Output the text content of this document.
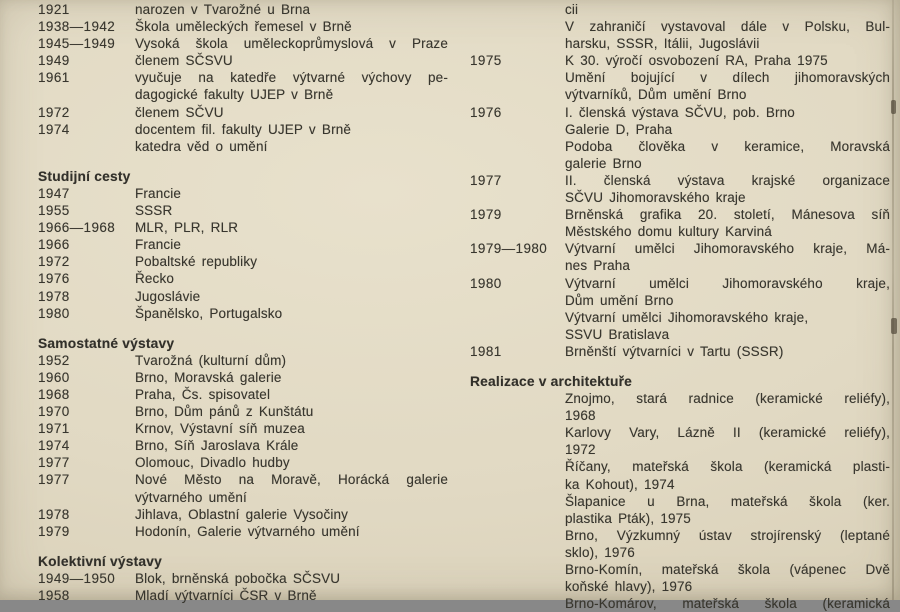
1921	narozen v Tvarožné u Brna
1938—1942	Škola uměleckých řemesel v Brně
1945—1949	Vysoká škola uměleckoprůmyslová v Praze
1949	členem SČSVU
1961	vyučuje na katedře výtvarné výchovy pe-
dagogické fakulty UJEP v Brně
1972	členem SČVU
1974	docentem fil. fakulty UJEP v Brně
katedra věd o umění
Studijní cesty
1947	Francie
1955	SSSR
1966—1968	MLR, PLR, RLR
1966	Francie
1972	Pobaltské republiky
1976	Řecko
1978	Jugoslávie
1980	Španělsko, Portugalsko
Samostatné výstavy
1952	Tvarožná (kulturní dům)
1960	Brno, Moravská galerie
1968	Praha, Čs. spisovatel
1970	Brno, Dům pánů z Kunštátu
1971	Krnov, Výstavní síň muzea
1974	Brno, Síň Jaroslava Krále
1977	Olomouc, Divadlo hudby
1977	Nové Město na Moravě, Horácká galerie
výtvarného umění
1978	Jihlava, Oblastní galerie Vysočiny
1979	Hodonín, Galerie výtvarného umění
Kolektivní výstavy
1949—1950	Blok, brněnská pobočka SČSVU
1958	Mladí výtvarníci ČSR v Brně
cii
V zahraničí vystavoval dále v Polsku, Bul-
harsku, SSSR, Itálii, Jugoslávii
1975	K 30. výročí osvobození RA, Praha 1975
Umění bojující v dílech jihomoravských
výtvarníků, Dům umění Brno
1976	I. členská výstava SČVU, pob. Brno
Galerie D, Praha
Podoba člověka v keramice, Moravská
galerie Brno
1977	II. členská výstava krajské organizace
SČVU Jihomoravského kraje
1979	Brněnská grafika 20. století, Mánesova síň
Městského domu kultury Karviná
1979—1980	Výtvarní umělci Jihomoravského kraje, Má-
nes Praha
1980	Výtvarní umělci Jihomoravského kraje,
Dům umění Brno
Výtvarní umělci Jihomoravského kraje,
SSVU Bratislava
1981	Brněnští výtvarníci v Tartu (SSSR)
Realizace v architektuře
Znojmo, stará radnice (keramické reliéfy),
1968
Karlovy Vary, Lázně II (keramické reliéfy),
1972
Říčany, mateřská škola (keramická plasti-
ka Kohout), 1974
Šlapanice u Brna, mateřská škola (ker.
plastika Pták), 1975
Brno, Výzkumný ústav strojírenský (leptané
sklo), 1976
Brno-Komín, mateřská škola (vápenec Dvě
koňské hlavy), 1976
Brno-Komárov, mateřská škola (keramická
